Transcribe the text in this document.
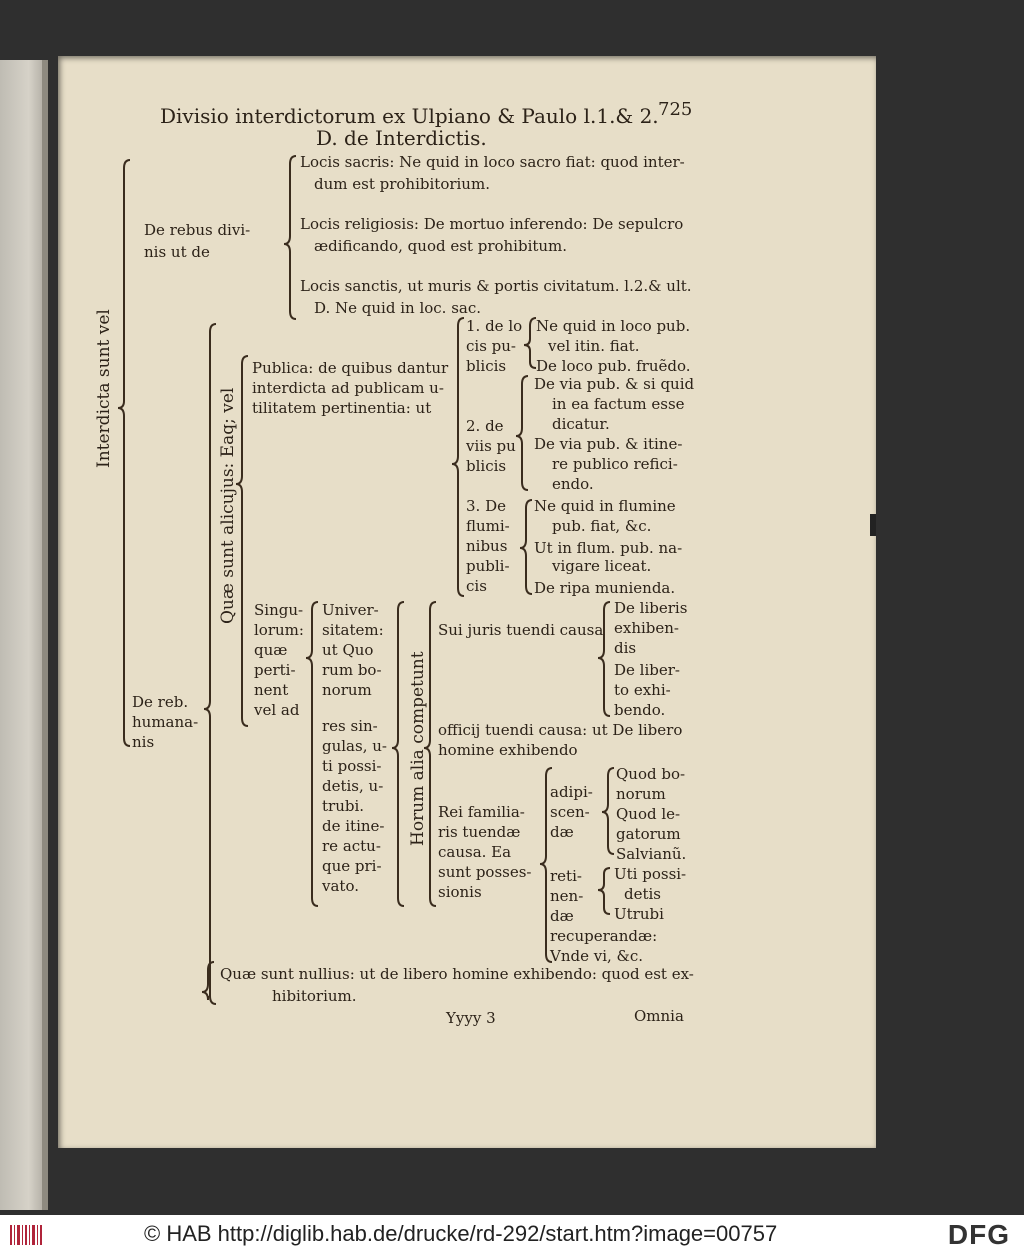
Divisio interdictorum ex Ulpiano & Paulo l.1.& 2.
D. de Interdictis.
725
Interdicta sunt vel
De rebus divi-
nis ut de
Locis sacris: Ne quid in loco sacro fiat: quod inter-
dum est prohibitorium.
Locis religiosis: De mortuo inferendo: De sepulcro
ædificando, quod est prohibitum.
Locis sanctis, ut muris & portis civitatum. l.2.& ult.
D. Ne quid in loc. sac.
De reb.
humana-
nis
Quæ sunt alicujus: Eaq; vel
Publica: de quibus dantur
interdicta ad publicam u-
tilitatem pertinentia: ut
1. de lo
cis pu-
blicis
Ne quid in loco pub.
vel itin. fiat.
De loco pub. fruẽdo.
2. de
viis pu
blicis
De via pub. & si quid
in ea factum esse
dicatur.
De via pub. & itine-
re publico refici-
endo.
3. De
flumi-
nibus
publi-
cis
Ne quid in flumine
pub. fiat, &c.
Ut in flum. pub. na-
vigare liceat.
De ripa munienda.
Singu-
lorum:
quæ
perti-
nent
vel ad
Univer-
sitatem:
ut Quo
rum bo-
norum
res sin-
gulas, u-
ti possi-
detis, u-
trubi.
de itine-
re actu-
que pri-
vato.
Horum alia competunt
Sui juris tuendi causa
De liberis
exhiben-
dis
De liber-
to exhi-
bendo.
officij tuendi causa: ut De libero
homine exhibendo
Rei familia-
ris tuendæ
causa. Ea
sunt posses-
sionis
adipi-
scen-
dæ
Quod bo-
norum
Quod le-
gatorum
Salvianũ.
reti-
nen-
dæ
Uti possi-
detis
Utrubi
recuperandæ:
Vnde vi, &c.
Quæ sunt nullius: ut de libero homine exhibendo: quod est ex-
hibitorium.
Yyyy 3	Omnia
© HAB http://diglib.hab.de/drucke/rd-292/start.htm?image=00757	DFG
